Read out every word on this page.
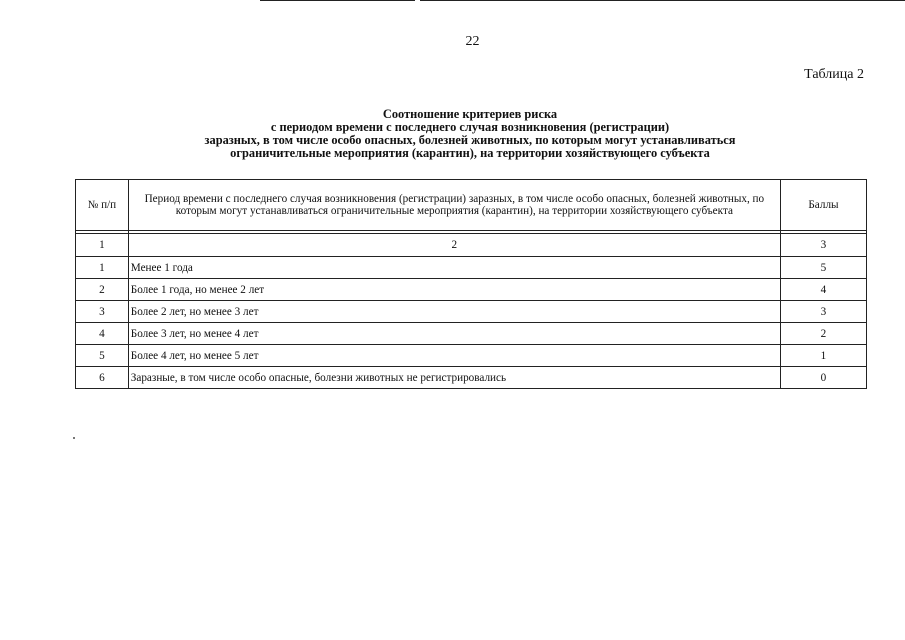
22
Таблица 2
Соотношение критериев риска
с периодом времени с последнего случая возникновения (регистрации)
заразных, в том числе особо опасных, болезней животных, по которым могут устанавливаться
ограничительные мероприятия (карантин), на территории хозяйствующего субъекта
№ п/п	Период времени с последнего случая возникновения (регистрации) заразных, в том числе особо опасных, болезней животных, по которым могут устанавливаться ограничительные мероприятия (карантин), на территории хозяйствующего субъекта	Баллы

1	2	3
1	Менее 1 года	5
2	Более 1 года, но менее 2 лет	4
3	Более 2 лет, но менее 3 лет	3
4	Более 3 лет, но менее 4 лет	2
5	Более 4 лет, но менее 5 лет	1
6	Заразные, в том числе особо опасные, болезни животных не регистрировались	0
